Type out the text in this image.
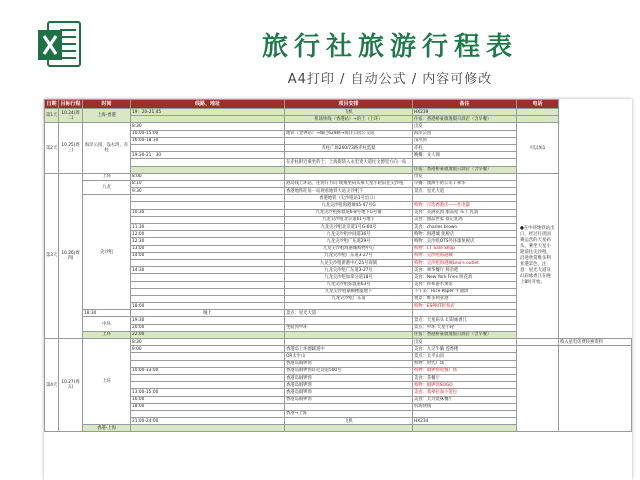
旅行社旅游行程表
A4打印 / 自动公式 / 内容可修改
日期	目标行程	时间	线路、地址	项目安排	备注	电话	
第1天	10.24(周二)	上海-香港	19：20-21:45	飞机	HX239		
				机场快线（香港站）→的士（上环）	住宿：香港桥豪敏逸假日酒店（含早餐）		
第2天	10.25(周三)	海洋公园、浅水湾、赤柱	8:30		出发	可以加1	
			10:00-15:00	地铁（金钟站）→城巴629路→海洋公园公交站	海洋公园		
			16:00-18:30		浅水湾		
				赤柱广场260/73路赤柱监狱	赤柱		
			19:30-21：30		晚餐：文人阁		
				在赤柱附近乘坐的士，上海街转入永里麦大道往文德里方向一站			
					住宿：香港桥豪敏逸假日酒店（含早餐）		
第3天	10.26(周四)	上环	8:00		出发	●在中环地铁站出口，经过打扰国赛运营的天星码头，乘坐天星小轮前往尖沙咀，沿途欣赏维多利亚港景色，注意：星光大道及幻彩咏香江在晚上8时开始。	
		九龙	8:10	港岛线上环站、往湾仔方向 或乘坐码头乘天星小轮前往尖沙咀	早餐：澳洲牛奶公司 / 翠华		
			9:30	香港地铁旺角一站观看地铁大站尖沙咀下	景点：星光大道		
		尖沙咀		香港地铁（尖沙咀站1号出口）			
				九龙尖沙咀海港城45-47号G	购物：尽选香港店——社电器		
			10:30	九龙尖沙咀弥敦道6-8号地下G号铺	美食：美满花园 甜品屋 布丁 乳鸽		
				九龙尖沙咀北京道61号地下	美食：甜品世家 蔡记乳鸽		
			11:30	九龙尖沙咀北京道1号G-60号	美食：charles brown		
			12:00	九龙尖沙咀中间道36号	购物：海港城 免税店		
			12:30	九龙尖沙咀广东道29号	购物：尖沙咀OTS外环球免税店		
			13:00	九龙尖沙咀海港城购物中心	购物：I.T Sale Shop		
			14:00	九龙尖沙咀广东道3-27号	购物：尖沙咀海港城		
				九龙尖沙咀新港中心25号商铺	购物：尖沙咀海港城Levi's outlet		
			14:30	九龙尖沙咀广东道3-27号	美食：翠华餐厅 鲜杂吧		
				九龙尖沙咀加拿分道18号	美食：New York Fries 叫花鸡		
				九龙尖沙咀弥敦道63号	美食：祥和游水菜馆		
				九龙尖沙咀嘉顿楼厦地下	下午茶：Rice Paper 牛油饼		
				九龙尖沙咀广东道	观景：维多利亚港		
			18:00		购物：ESPRIT折扣店		
		18:30	晚上	景点：星光大道			
		中环	19:30		景点：天星码头 幻彩咏香江		
			20:00	坐船到中环	景点：中环 天星小轮		
		上环	22:00		住宿：香港桥豪敏逸假日酒店（含早餐）		
第4天	10.27(周五)	上环	8:30		出发		购入星电话费转换资料
			9:00	香港岛上环德辅道中	美食：九记牛腩 莲香楼		
				OR太平山	景点：太平山顶		
				香港岛铜锣湾	购物：时代广场		
			10:00-13:00	香港岛铜锣湾轩尼诗道500号	购物：铜锣湾希慎广场		
				香港岛铜锣湾	美食：茶餐厅		
				香港岛铜锣湾	购物：铜锣湾SOGO		
			13:00-15:00	香港岛铜锣湾	美食：翡翠拉面小笼包		
			16:00	香港岛铜锣湾	美食：太兴烧味餐厅		
			18:00		机场快线		
				香港→上海			
			21:00-24:00	飞机	HX234		
		香港-上海					
